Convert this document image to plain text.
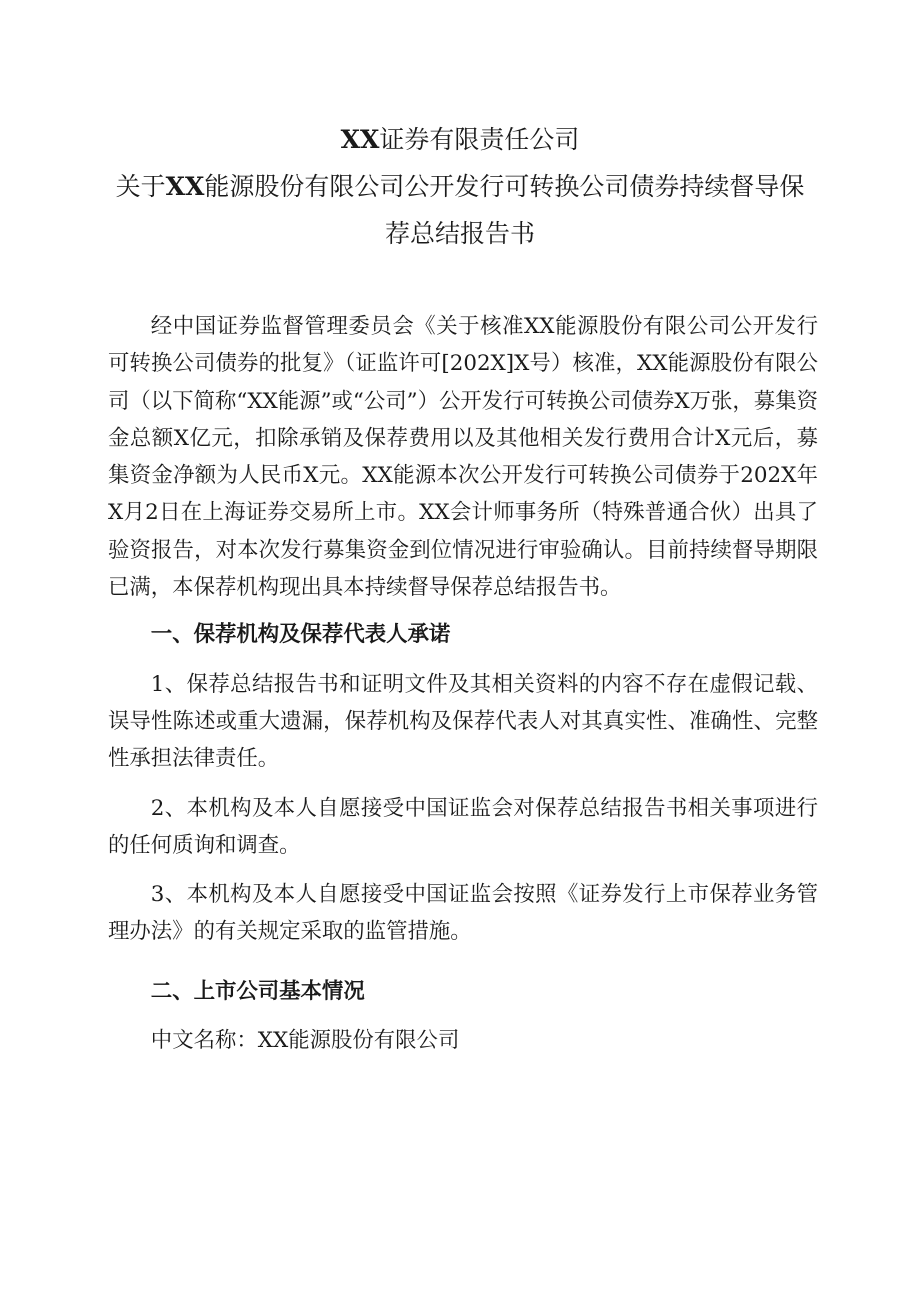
XX证券有限责任公司
关于XX能源股份有限公司公开发行可转换公司债券持续督导保
荐总结报告书

经中国证券监督管理委员会《关于核准XX能源股份有限公司公开发行可转换公司债券的批复》（证监许可[202X]X号）核准，XX能源股份有限公司（以下简称“XX能源”或“公司”）公开发行可转换公司债券X万张，募集资金总额X亿元，扣除承销及保荐费用以及其他相关发行费用合计X元后，募集资金净额为人民币X元。XX能源本次公开发行可转换公司债券于202X年X月2日在上海证券交易所上市。XX会计师事务所（特殊普通合伙）出具了验资报告，对本次发行募集资金到位情况进行审验确认。目前持续督导期限已满，本保荐机构现出具本持续督导保荐总结报告书。

一、保荐机构及保荐代表人承诺

1、保荐总结报告书和证明文件及其相关资料的内容不存在虚假记载、误导性陈述或重大遗漏，保荐机构及保荐代表人对其真实性、准确性、完整性承担法律责任。

2、本机构及本人自愿接受中国证监会对保荐总结报告书相关事项进行的任何质询和调查。

3、本机构及本人自愿接受中国证监会按照《证券发行上市保荐业务管理办法》的有关规定采取的监管措施。

二、上市公司基本情况

中文名称：XX能源股份有限公司
